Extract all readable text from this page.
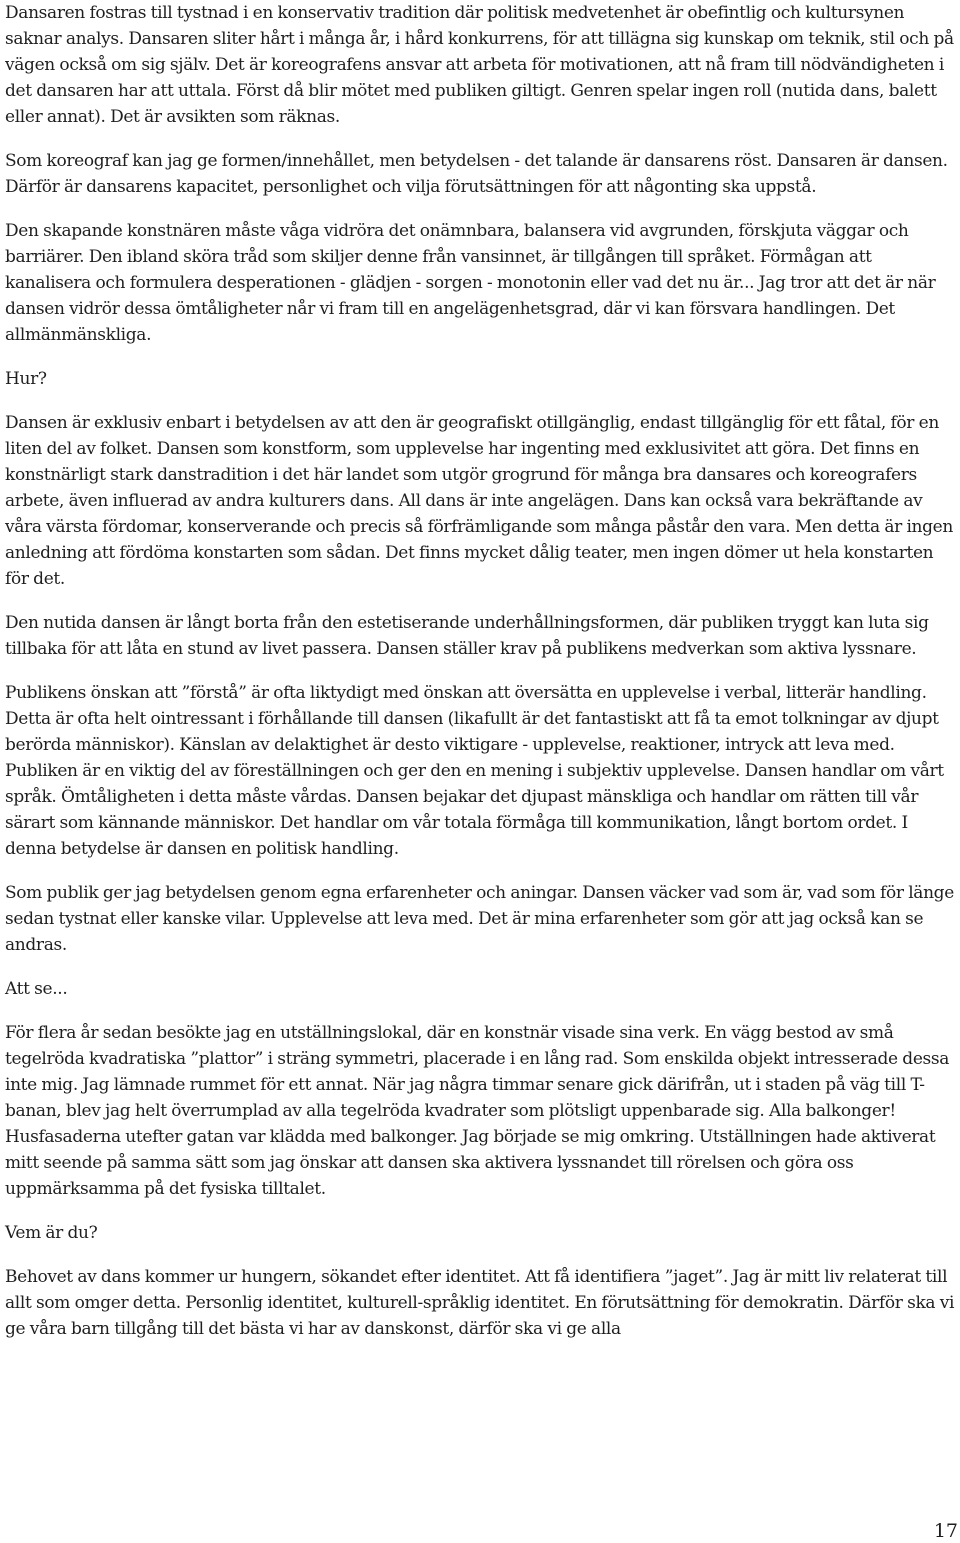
Dansaren fostras till tystnad i en konservativ tradition där politisk medvetenhet är obefintlig och kultursynen saknar analys. Dansaren sliter hårt i många år, i hård konkurrens, för att tillägna sig kunskap om teknik, stil och på vägen också om sig själv. Det är koreografens ansvar att arbeta för motivationen, att nå fram till nödvändigheten i det dansaren har att uttala. Först då blir mötet med publiken giltigt. Genren spelar ingen roll (nutida dans, balett eller annat). Det är avsikten som räknas.

Som koreograf kan jag ge formen/innehållet, men betydelsen - det talande är dansarens röst. Dansaren är dansen. Därför är dansarens kapacitet, personlighet och vilja förutsättningen för att någonting ska uppstå.

Den skapande konstnären måste våga vidröra det onämnbara, balansera vid avgrunden, förskjuta väggar och barriärer. Den ibland sköra tråd som skiljer denne från vansinnet, är tillgången till språket. Förmågan att kanalisera och formulera desperationen - glädjen - sorgen - monotonin eller vad det nu är... Jag tror att det är när dansen vidrör dessa ömtåligheter når vi fram till en angelägenhetsgrad, där vi kan försvara handlingen. Det allmänmänskliga.

Hur?

Dansen är exklusiv enbart i betydelsen av att den är geografiskt otillgänglig, endast tillgänglig för ett fåtal, för en liten del av folket. Dansen som konstform, som upplevelse har ingenting med exklusivitet att göra. Det finns en konstnärligt stark danstradition i det här landet som utgör grogrund för många bra dansares och koreografers arbete, även influerad av andra kulturers dans. All dans är inte angelägen. Dans kan också vara bekräftande av våra värsta fördomar, konserverande och precis så förfrämligande som många påstår den vara. Men detta är ingen anledning att fördöma konstarten som sådan. Det finns mycket dålig teater, men ingen dömer ut hela konstarten för det.

Den nutida dansen är långt borta från den estetiserande underhållningsformen, där publiken tryggt kan luta sig tillbaka för att låta en stund av livet passera. Dansen ställer krav på publikens medverkan som aktiva lyssnare.

Publikens önskan att ”förstå” är ofta liktydigt med önskan att översätta en upplevelse i verbal, litterär handling. Detta är ofta helt ointressant i förhållande till dansen (likafullt är det fantastiskt att få ta emot tolkningar av djupt berörda människor). Känslan av delaktighet är desto viktigare - upplevelse, reaktioner, intryck att leva med. Publiken är en viktig del av föreställningen och ger den en mening i subjektiv upplevelse. Dansen handlar om vårt språk. Ömtåligheten i detta måste vårdas. Dansen bejakar det djupast mänskliga och handlar om rätten till vår särart som kännande människor. Det handlar om vår totala förmåga till kommunikation, långt bortom ordet. I denna betydelse är dansen en politisk handling.

Som publik ger jag betydelsen genom egna erfarenheter och aningar. Dansen väcker vad som är, vad som för länge sedan tystnat eller kanske vilar. Upplevelse att leva med. Det är mina erfarenheter som gör att jag också kan se andras.

Att se...

För flera år sedan besökte jag en utställningslokal, där en konstnär visade sina verk. En vägg bestod av små tegelröda kvadratiska ”plattor” i sträng symmetri, placerade i en lång rad. Som enskilda objekt intresserade dessa inte mig. Jag lämnade rummet för ett annat. När jag några timmar senare gick därifrån, ut i staden på väg till T-banan, blev jag helt överrumplad av alla tegelröda kvadrater som plötsligt uppenbarade sig. Alla balkonger! Husfasaderna utefter gatan var klädda med balkonger. Jag började se mig omkring. Utställningen hade aktiverat mitt seende på samma sätt som jag önskar att dansen ska aktivera lyssnandet till rörelsen och göra oss uppmärksamma på det fysiska tilltalet.

Vem är du?

Behovet av dans kommer ur hungern, sökandet efter identitet. Att få identifiera ”jaget”. Jag är mitt liv relaterat till allt som omger detta. Personlig identitet, kulturell-språklig identitet. En förutsättning för demokratin. Därför ska vi ge våra barn tillgång till det bästa vi har av danskonst, därför ska vi ge alla

17
